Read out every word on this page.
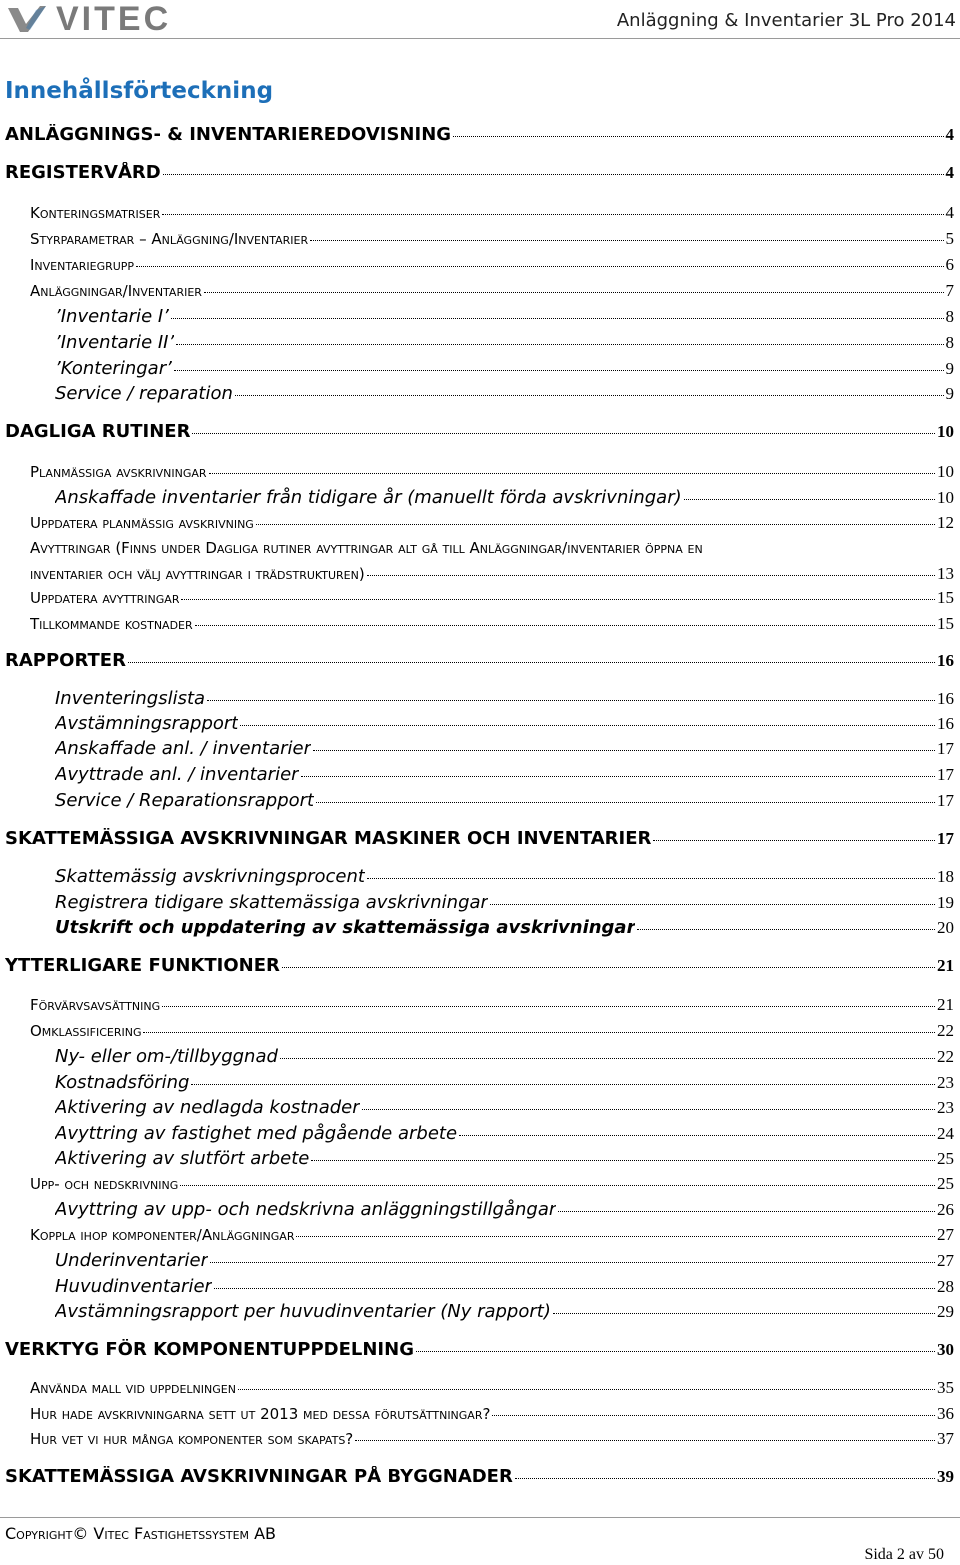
VITEC	Anläggning & Inventarier 3L Pro 2014
Innehållsförteckning
ANLÄGGNINGS- & INVENTARIEREDOVISNING	4
REGISTERVÅRD	4
Konteringsmatriser	4
Styrparametrar – Anläggning/Inventarier	5
Inventariegrupp	6
Anläggningar/Inventarier	7
’Inventarie I’	8
’Inventarie II’	8
’Konteringar’	9
Service / reparation	9
DAGLIGA RUTINER	10
Planmässiga avskrivningar	10
Anskaffade inventarier från tidigare år (manuellt förda avskrivningar)	10
Uppdatera planmässig avskrivning	12
Avyttringar (Finns under Dagliga rutiner avyttringar alt gå till Anläggningar/inventarier öppna en
inventarier och välj avyttringar i trädstrukturen)	13
Uppdatera avyttringar	15
Tillkommande kostnader	15
RAPPORTER	16
Inventeringslista	16
Avstämningsrapport	16
Anskaffade anl. / inventarier	17
Avyttrade anl. / inventarier	17
Service / Reparationsrapport	17
SKATTEMÄSSIGA AVSKRIVNINGAR MASKINER OCH INVENTARIER	17
Skattemässig avskrivningsprocent	18
Registrera tidigare skattemässiga avskrivningar	19
Utskrift och uppdatering av skattemässiga avskrivningar	20
YTTERLIGARE FUNKTIONER	21
Förvärvsavsättning	21
Omklassificering	22
Ny- eller om-/tillbyggnad	22
Kostnadsföring	23
Aktivering av nedlagda kostnader	23
Avyttring av fastighet med pågående arbete	24
Aktivering av slutfört arbete	25
Upp- och nedskrivning	25
Avyttring av upp- och nedskrivna anläggningstillgångar	26
Koppla ihop komponenter/Anläggningar	27
Underinventarier	27
Huvudinventarier	28
Avstämningsrapport per huvudinventarier (Ny rapport)	29
VERKTYG FÖR KOMPONENTUPPDELNING	30
Använda mall vid uppdelningen	35
Hur hade avskrivningarna sett ut 2013 med dessa förutsättningar?	36
Hur vet vi hur många komponenter som skapats?	37
SKATTEMÄSSIGA AVSKRIVNINGAR PÅ BYGGNADER	39
Copyright© Vitec Fastighetssystem AB
Sida 2 av 50
